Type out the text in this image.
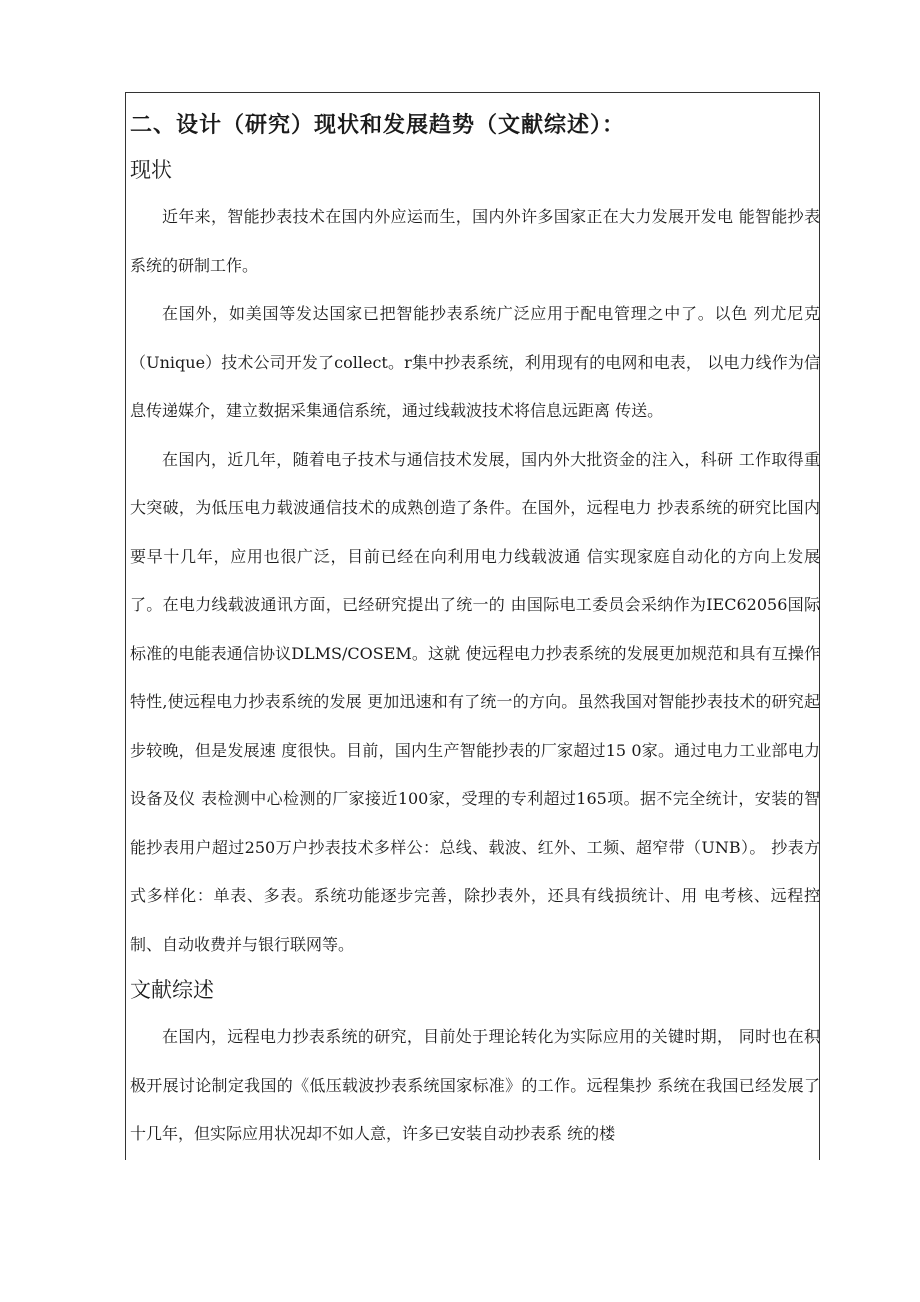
二、设计（研究）现状和发展趋势（文献综述）：
现状

近年来，智能抄表技术在国内外应运而生，国内外许多国家正在大力发展开发电 能智能抄表系统的研制工作。

在国外，如美国等发达国家已把智能抄表系统广泛应用于配电管理之中了。以色 列尤尼克（Unique）技术公司开发了collect。r集中抄表系统，利用现有的电网和电表， 以电力线作为信息传递媒介，建立数据采集通信系统，通过线载波技术将信息远距离 传送。

在国内，近几年，随着电子技术与通信技术发展，国内外大批资金的注入，科研 工作取得重大突破，为低压电力载波通信技术的成熟创造了条件。在国外，远程电力 抄表系统的研究比国内要早十几年，应用也很广泛，目前已经在向利用电力线载波通 信实现家庭自动化的方向上发展了。在电力线载波通讯方面，已经研究提出了统一的 由国际电工委员会采纳作为IEC62056国际标准的电能表通信协议DLMS/COSEM。这就 使远程电力抄表系统的发展更加规范和具有互操作特性,使远程电力抄表系统的发展 更加迅速和有了统一的方向。虽然我国对智能抄表技术的研究起步较晚，但是发展速 度很快。目前，国内生产智能抄表的厂家超过15 0家。通过电力工业部电力设备及仪 表检测中心检测的厂家接近100家，受理的专利超过165项。据不完全统计，安装的智 能抄表用户超过250万户抄表技术多样公：总线、载波、红外、工频、超窄带（UNB）。 抄表方式多样化：单表、多表。系统功能逐步完善，除抄表外，还具有线损统计、用 电考核、远程控制、自动收费并与银行联网等。

文献综述

在国内，远程电力抄表系统的研究，目前处于理论转化为实际应用的关键时期， 同时也在积极开展讨论制定我国的《低压载波抄表系统国家标准》的工作。远程集抄 系统在我国已经发展了十几年，但实际应用状况却不如人意，许多已安装自动抄表系 统的楼
